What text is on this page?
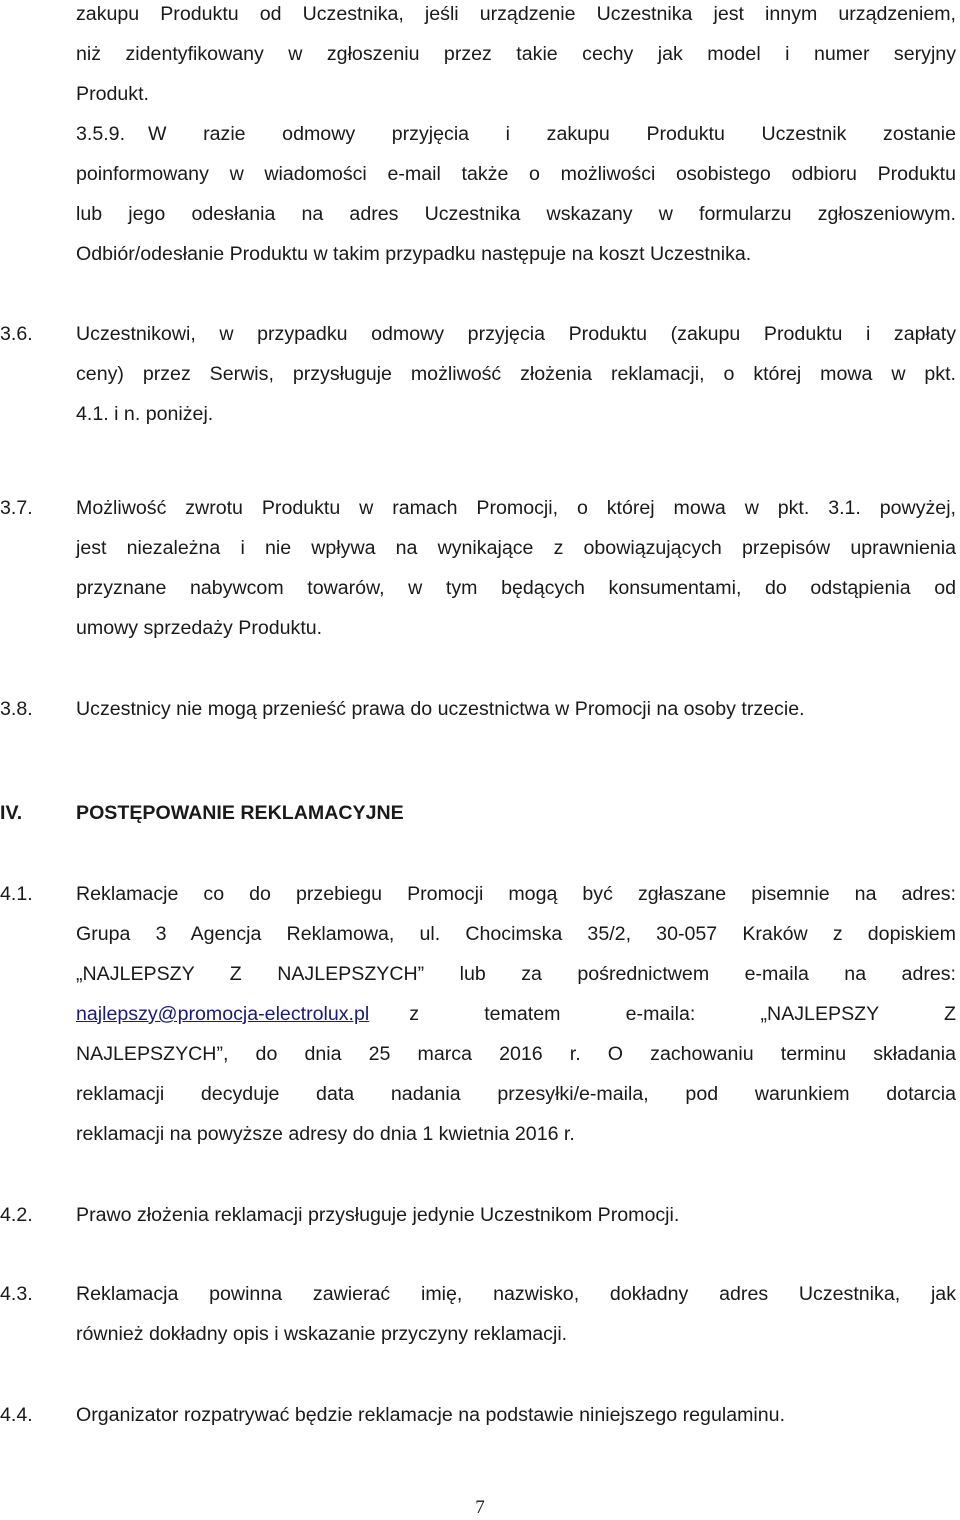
zakupu Produktu od Uczestnika, jeśli urządzenie Uczestnika jest innym urządzeniem,
niż zidentyfikowany w zgłoszeniu przez takie cechy jak model i numer seryjny
Produkt.
3.5.9. W razie odmowy przyjęcia i zakupu Produktu Uczestnik zostanie
poinformowany w wiadomości e-mail także o możliwości osobistego odbioru Produktu
lub jego odesłania na adres Uczestnika wskazany w formularzu zgłoszeniowym.
Odbiór/odesłanie Produktu w takim przypadku następuje na koszt Uczestnika.
3.6. Uczestnikowi, w przypadku odmowy przyjęcia Produktu (zakupu Produktu i zapłaty
ceny) przez Serwis, przysługuje możliwość złożenia reklamacji, o której mowa w pkt.
4.1. i n. poniżej.
3.7. Możliwość zwrotu Produktu w ramach Promocji, o której mowa w pkt. 3.1. powyżej,
jest niezależna i nie wpływa na wynikające z obowiązujących przepisów uprawnienia
przyznane nabywcom towarów, w tym będących konsumentami, do odstąpienia od
umowy sprzedaży Produktu.
3.8. Uczestnicy nie mogą przenieść prawa do uczestnictwa w Promocji na osoby trzecie.
IV.	POSTĘPOWANIE REKLAMACYJNE
4.1. Reklamacje co do przebiegu Promocji mogą być zgłaszane pisemnie na adres:
Grupa 3 Agencja Reklamowa, ul. Chocimska 35/2, 30-057 Kraków z dopiskiem
„NAJLEPSZY Z NAJLEPSZYCH” lub za pośrednictwem e-maila na adres:
najlepszy@promocja-electrolux.pl z tematem e-maila: „NAJLEPSZY Z
NAJLEPSZYCH”, do dnia 25 marca 2016 r. O zachowaniu terminu składania
reklamacji decyduje data nadania przesyłki/e-maila, pod warunkiem dotarcia
reklamacji na powyższe adresy do dnia 1 kwietnia 2016 r.
4.2. Prawo złożenia reklamacji przysługuje jedynie Uczestnikom Promocji.
4.3. Reklamacja powinna zawierać imię, nazwisko, dokładny adres Uczestnika, jak
również dokładny opis i wskazanie przyczyny reklamacji.
4.4. Organizator rozpatrywać będzie reklamacje na podstawie niniejszego regulaminu.
7
